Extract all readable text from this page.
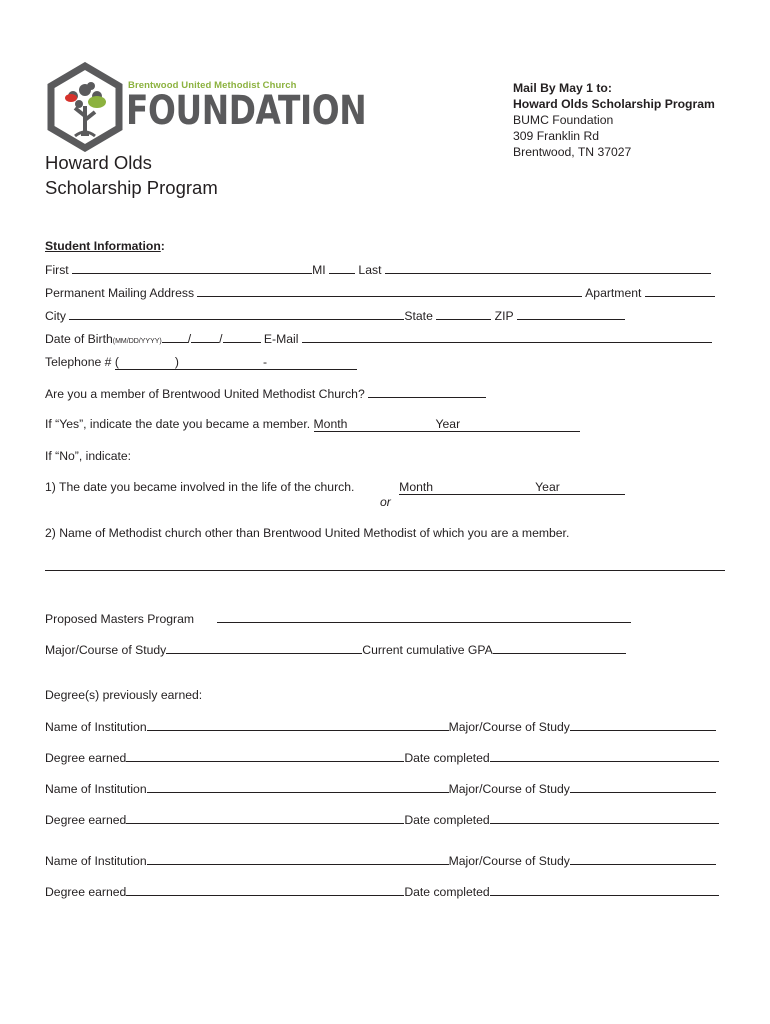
Brentwood United Methodist Church
FOUNDATION
Howard Olds
Scholarship Program
Mail By May 1 to:
Howard Olds Scholarship Program
BUMC Foundation
309 Franklin Rd
Brentwood, TN 37027
Student Information:
First	MI	Last
Permanent Mailing Address	Apartment
City	State	ZIP
Date of Birth(MM/DD/YYYY) / /	E-Mail
Telephone # (	)	-
Are you a member of Brentwood United Methodist Church?
If “Yes”, indicate the date you became a member. Month	Year
If “No”, indicate:
1) The date you became involved in the life of the church.	Month	Year
or
2) Name of Methodist church other than Brentwood United Methodist of which you are a member.
Proposed Masters Program
Major/Course of Study	Current cumulative GPA
Degree(s) previously earned:
Name of Institution	Major/Course of Study
Degree earned	Date completed
Name of Institution	Major/Course of Study
Degree earned	Date completed
Name of Institution	Major/Course of Study
Degree earned	Date completed
